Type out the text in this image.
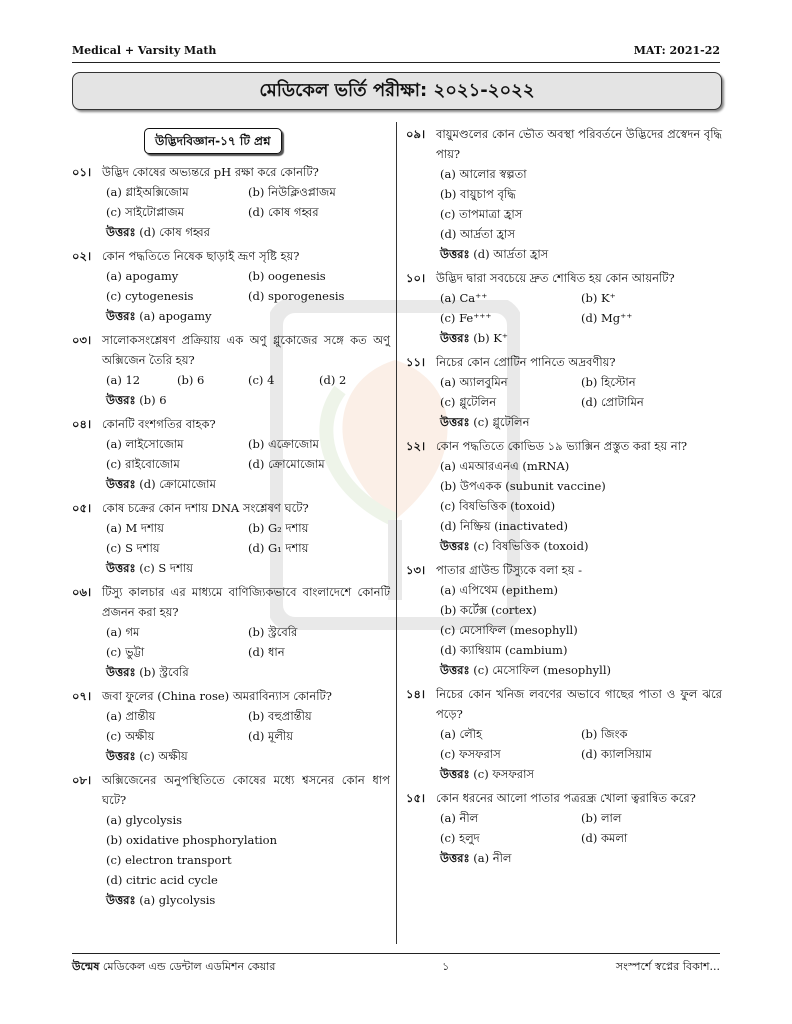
Medical + Varsity Math	MAT: 2021-22
মেডিকেল ভর্তি পরীক্ষা: ২০২১-২০২২
উদ্ভিদবিজ্ঞান-১৭ টি প্রশ্ন
০১। উদ্ভিদ কোষের অভ্যন্তরে pH রক্ষা করে কোনটি?
(a) গ্লাইঅক্সিজোম	(b) নিউক্লিওপ্লাজম
(c) সাইটোপ্লাজম	(d) কোষ গহ্বর
উত্তরঃ (d) কোষ গহ্বর
০২। কোন পদ্ধতিতে নিষেক ছাড়াই ভ্রূণ সৃষ্টি হয়?
(a) apogamy	(b) oogenesis
(c) cytogenesis	(d) sporogenesis
উত্তরঃ (a) apogamy
০৩। সালোকসংশ্লেষণ প্রক্রিয়ায় এক অণু গ্লুকোজের সঙ্গে কত অণু অক্সিজেন তৈরি হয়?
(a) 12	(b) 6	(c) 4	(d) 2
উত্তরঃ (b) 6
০৪। কোনটি বংশগতির বাহক?
(a) লাইসোজোম	(b) এক্রোজোম
(c) রাইবোজোম	(d) ক্রোমোজোম
উত্তরঃ (d) ক্রোমোজোম
০৫। কোষ চক্রের কোন দশায় DNA সংশ্লেষণ ঘটে?
(a) M দশায়	(b) G₂ দশায়
(c) S দশায়	(d) G₁ দশায়
উত্তরঃ (c) S দশায়
০৬। টিস্যু কালচার এর মাধ্যমে বাণিজ্যিকভাবে বাংলাদেশে কোনটি প্রজনন করা হয়?
(a) গম	(b) স্ট্রবেরি
(c) ভুট্টা	(d) ধান
উত্তরঃ (b) স্ট্রবেরি
০৭। জবা ফুলের (China rose) অমরাবিন্যাস কোনটি?
(a) প্রান্তীয়	(b) বহুপ্রান্তীয়
(c) অক্ষীয়	(d) মূলীয়
উত্তরঃ (c) অক্ষীয়
০৮। অক্সিজেনের অনুপস্থিতিতে কোষের মধ্যে শ্বসনের কোন ধাপ ঘটে?
(a) glycolysis
(b) oxidative phosphorylation
(c) electron transport
(d) citric acid cycle
উত্তরঃ (a) glycolysis
০৯। বায়ুমণ্ডলের কোন ভৌত অবস্থা পরিবর্তনে উদ্ভিদের প্রস্বেদন বৃদ্ধি পায়?
(a) আলোর স্বল্পতা
(b) বায়ুচাপ বৃদ্ধি
(c) তাপমাত্রা হ্রাস
(d) আর্দ্রতা হ্রাস
উত্তরঃ (d) আর্দ্রতা হ্রাস
১০। উদ্ভিদ দ্বারা সবচেয়ে দ্রুত শোষিত হয় কোন আয়নটি?
(a) Ca⁺⁺	(b) K⁺
(c) Fe⁺⁺⁺	(d) Mg⁺⁺
উত্তরঃ (b) K⁺
১১। নিচের কোন প্রোটিন পানিতে অদ্রবণীয়?
(a) অ্যালবুমিন	(b) হিস্টোন
(c) গ্লুটেলিন	(d) প্রোটামিন
উত্তরঃ (c) গ্লুটেলিন
১২। কোন পদ্ধতিতে কোভিড ১৯ ভ্যাক্সিন প্রস্তুত করা হয় না?
(a) এমআরএনএ (mRNA)
(b) উপএকক (subunit vaccine)
(c) বিষভিত্তিক (toxoid)
(d) নিষ্ক্রিয় (inactivated)
উত্তরঃ (c) বিষভিত্তিক (toxoid)
১৩। পাতার গ্রাউন্ড টিস্যুকে বলা হয় -
(a) এপিথেম (epithem)
(b) কর্টেক্স (cortex)
(c) মেসোফিল (mesophyll)
(d) ক্যাম্বিয়াম (cambium)
উত্তরঃ (c) মেসোফিল (mesophyll)
১৪। নিচের কোন খনিজ লবণের অভাবে গাছের পাতা ও ফুল ঝরে পড়ে?
(a) লৌহ	(b) জিংক
(c) ফসফরাস	(d) ক্যালসিয়াম
উত্তরঃ (c) ফসফরাস
১৫। কোন ধরনের আলো পাতার পত্ররন্ধ্র খোলা ত্বরান্বিত করে?
(a) নীল	(b) লাল
(c) হলুদ	(d) কমলা
উত্তরঃ (a) নীল
উন্মেষ মেডিকেল এন্ড ডেন্টাল এডমিশন কেয়ার	১	সংস্পর্শে স্বপ্নের বিকাশ...
